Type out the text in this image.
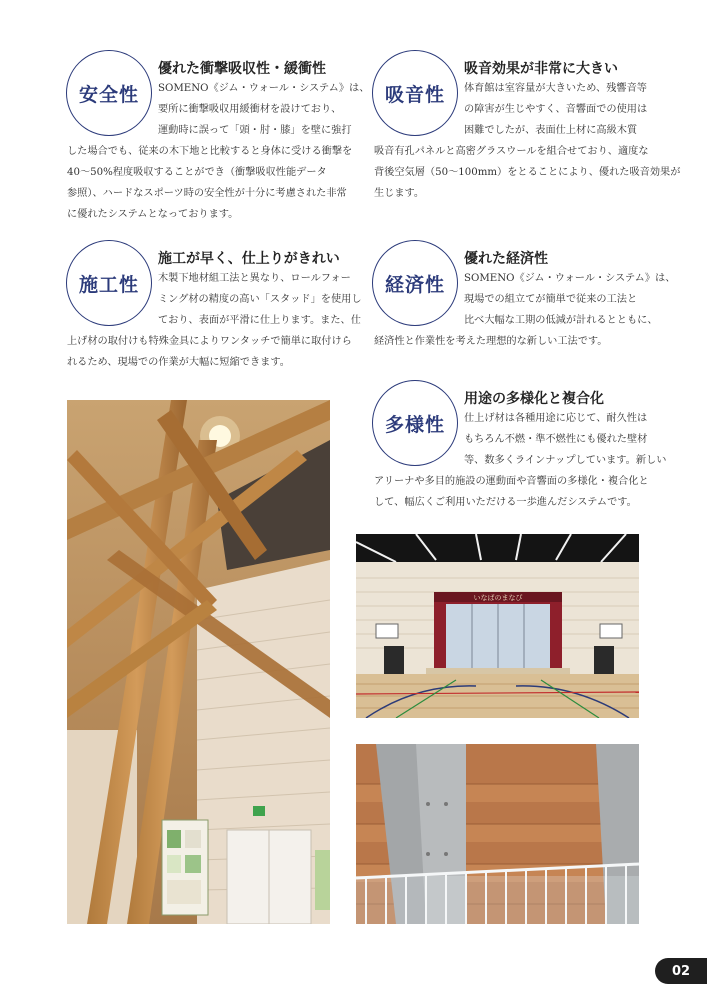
安全性
優れた衝撃吸収性・緩衝性
SOMENO《ジム・ウォール・システム》は、
要所に衝撃吸収用緩衝材を設けており、
運動時に誤って「頭・肘・膝」を壁に強打
した場合でも、従来の木下地と比較すると身体に受ける衝撃を
40〜50%程度吸収することができ（衝撃吸収性能データ
参照）、ハードなスポーツ時の安全性が十分に考慮された非常
に優れたシステムとなっております。
吸音性
吸音効果が非常に大きい
体育館は室容量が大きいため、残響音等
の障害が生じやすく、音響面での使用は
困難でしたが、表面仕上材に高級木質
吸音有孔パネルと高密グラスウールを組合せており、適度な
背後空気層（50〜100mm）をとることにより、優れた吸音効果が
生じます。
施工性
施工が早く、仕上りがきれい
木製下地材組工法と異なり、ロールフォー
ミング材の精度の高い「スタッド」を使用し
ており、表面が平滑に仕上ります。また、仕
上げ材の取付けも特殊金具によりワンタッチで簡単に取付けら
れるため、現場での作業が大幅に短縮できます。
経済性
優れた経済性
SOMENO《ジム・ウォール・システム》は、
現場での組立てが簡単で従来の工法と
比べ大幅な工期の低減が計れるとともに、
経済性と作業性を考えた理想的な新しい工法です。
多様性
用途の多様化と複合化
仕上げ材は各種用途に応じて、耐久性は
もちろん不燃・準不燃性にも優れた壁材
等、数多くラインナップしています。新しい
アリーナや多目的施設の運動面や音響面の多様化・複合化と
して、幅広くご利用いただける一歩進んだシステムです。
いなばのまなび
02
